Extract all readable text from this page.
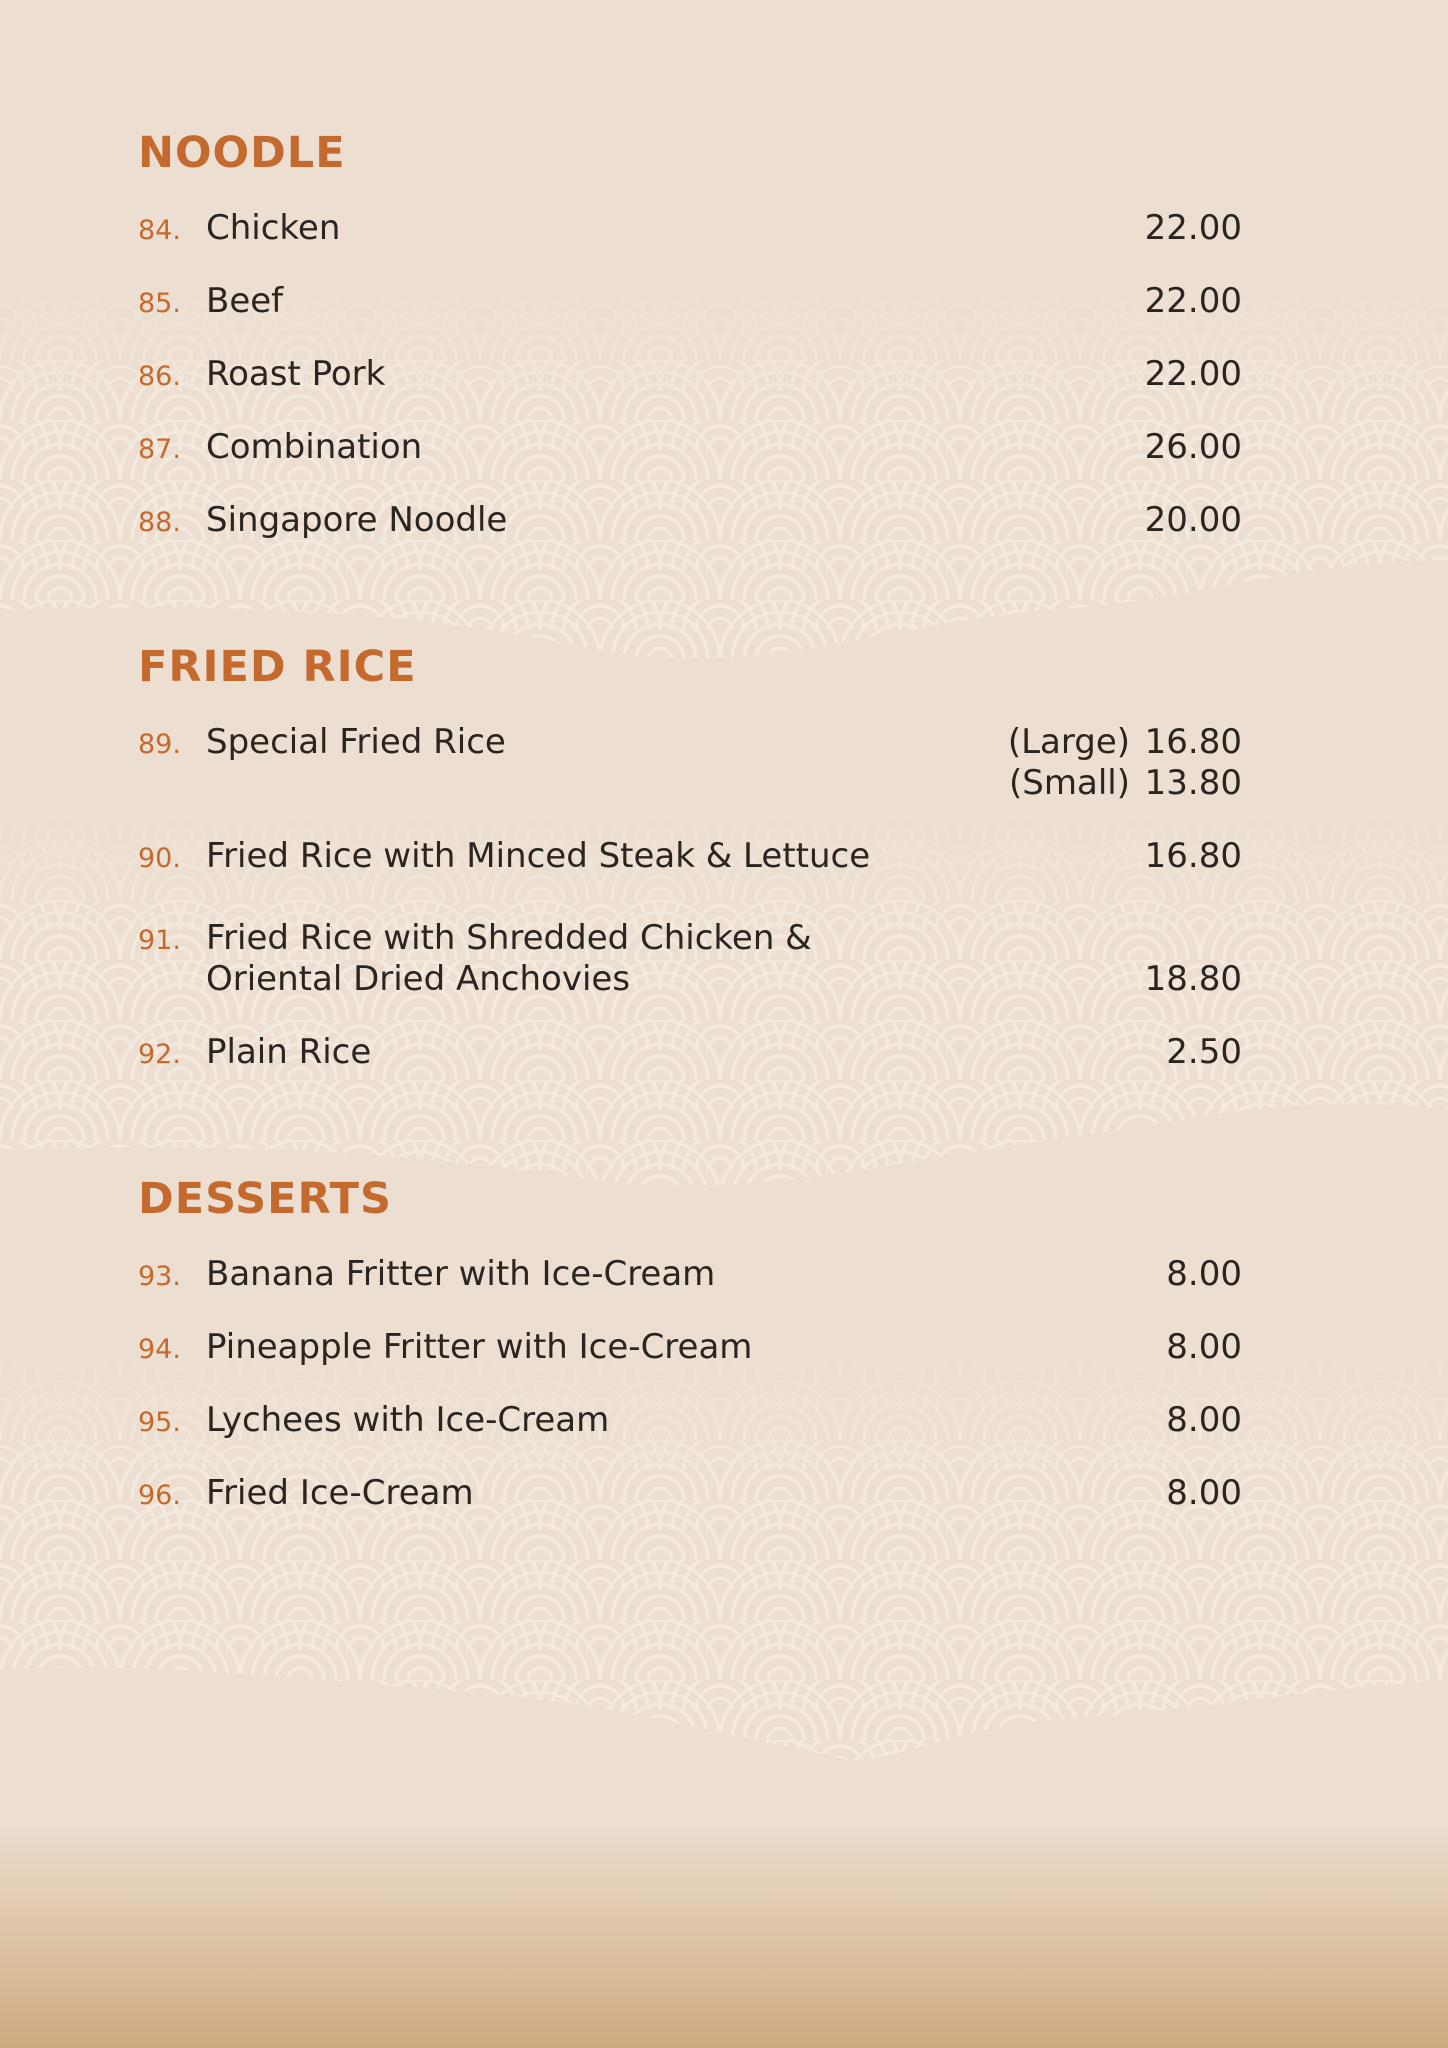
NOODLE
84. Chicken	22.00
85. Beef	22.00
86. Roast Pork	22.00
87. Combination	26.00
88. Singapore Noodle	20.00
FRIED RICE
89. Special Fried Rice	(Large) 16.80
(Small) 13.80
90. Fried Rice with Minced Steak & Lettuce	16.80
91. Fried Rice with Shredded Chicken &
Oriental Dried Anchovies	18.80
92. Plain Rice	2.50
DESSERTS
93. Banana Fritter with Ice-Cream	8.00
94. Pineapple Fritter with Ice-Cream	8.00
95. Lychees with Ice-Cream	8.00
96. Fried Ice-Cream	8.00
